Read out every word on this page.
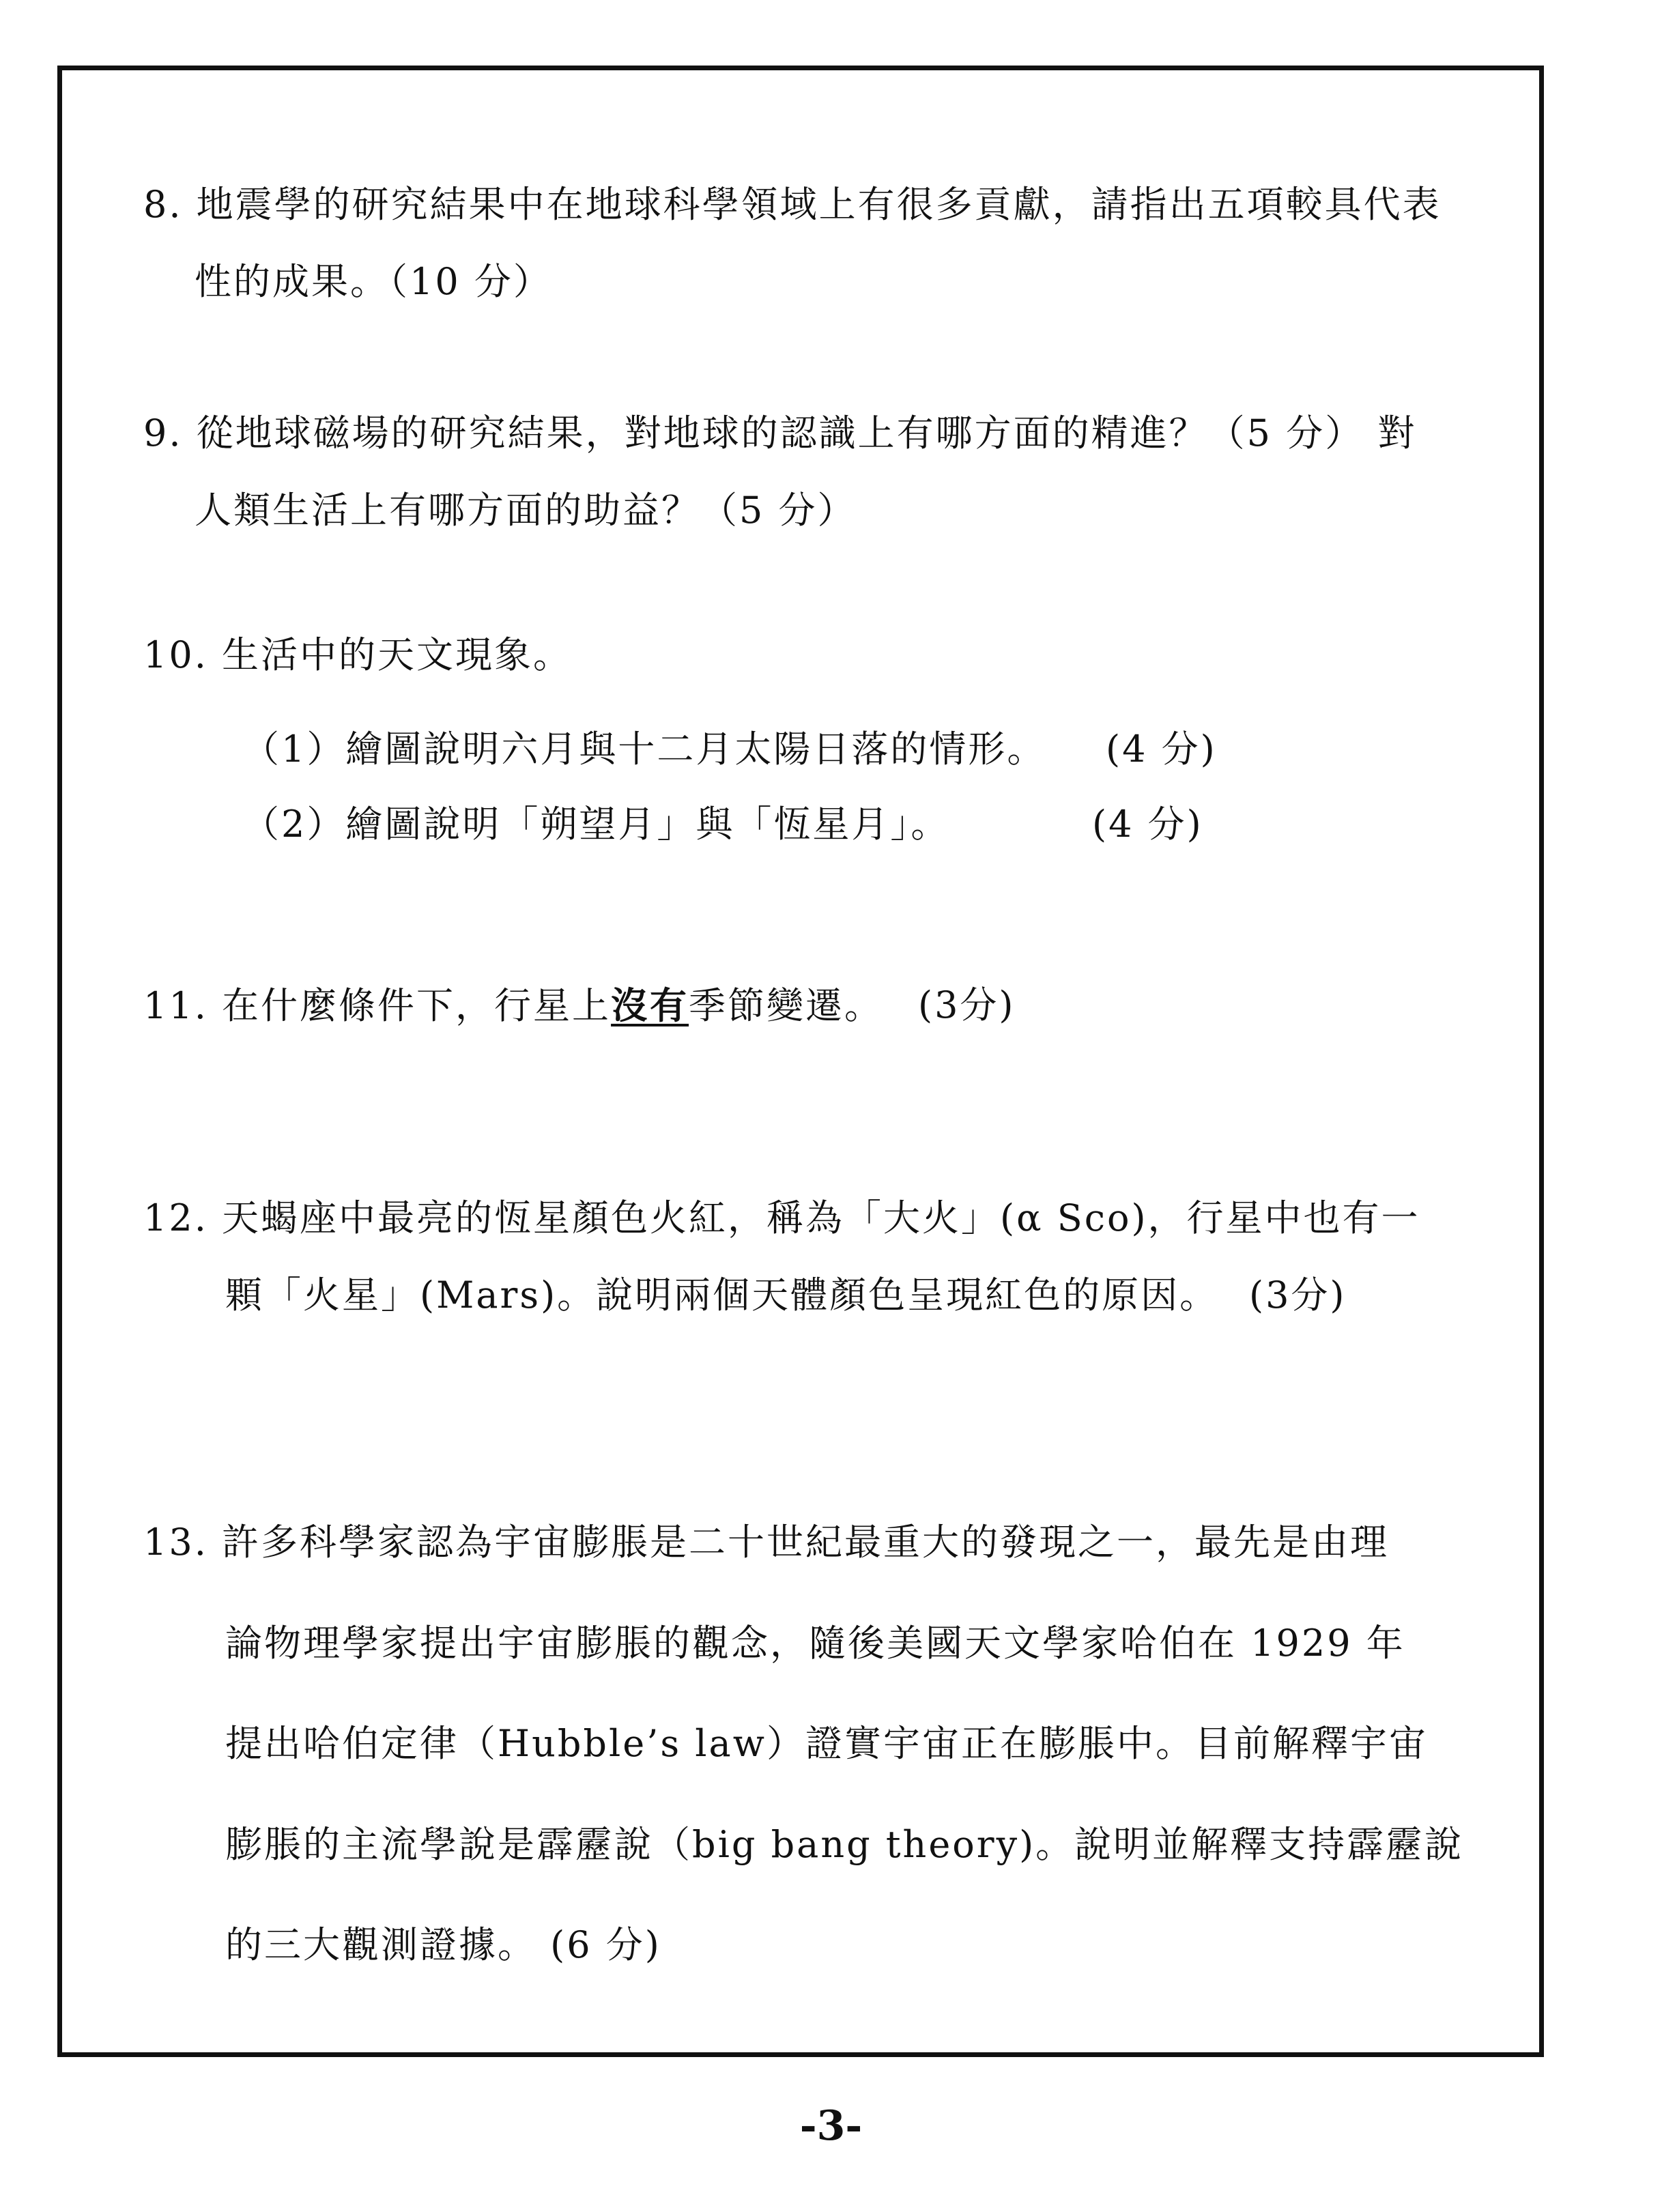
8. 地震學的研究結果中在地球科學領域上有很多貢獻，請指出五項較具代表
性的成果。（10 分）
9. 從地球磁場的研究結果，對地球的認識上有哪方面的精進？（5 分） 對
人類生活上有哪方面的助益？（5 分）
10. 生活中的天文現象。
（1）繪圖說明六月與十二月太陽日落的情形。 (4 分)
（2）繪圖說明「朔望月」與「恆星月」。	(4 分)
11. 在什麼條件下，行星上沒有季節變遷。 (3分)
12. 天蝎座中最亮的恆星顏色火紅，稱為「大火」(α Sco)，行星中也有一
顆「火星」(Mars)。說明兩個天體顏色呈現紅色的原因。 (3分)
13. 許多科學家認為宇宙膨脹是二十世紀最重大的發現之一，最先是由理
論物理學家提出宇宙膨脹的觀念，隨後美國天文學家哈伯在 1929 年
提出哈伯定律（Hubble’s law）證實宇宙正在膨脹中。目前解釋宇宙
膨脹的主流學說是霹靂說（big bang theory)。說明並解釋支持霹靂說
的三大觀測證據。 (6 分)
-3-
